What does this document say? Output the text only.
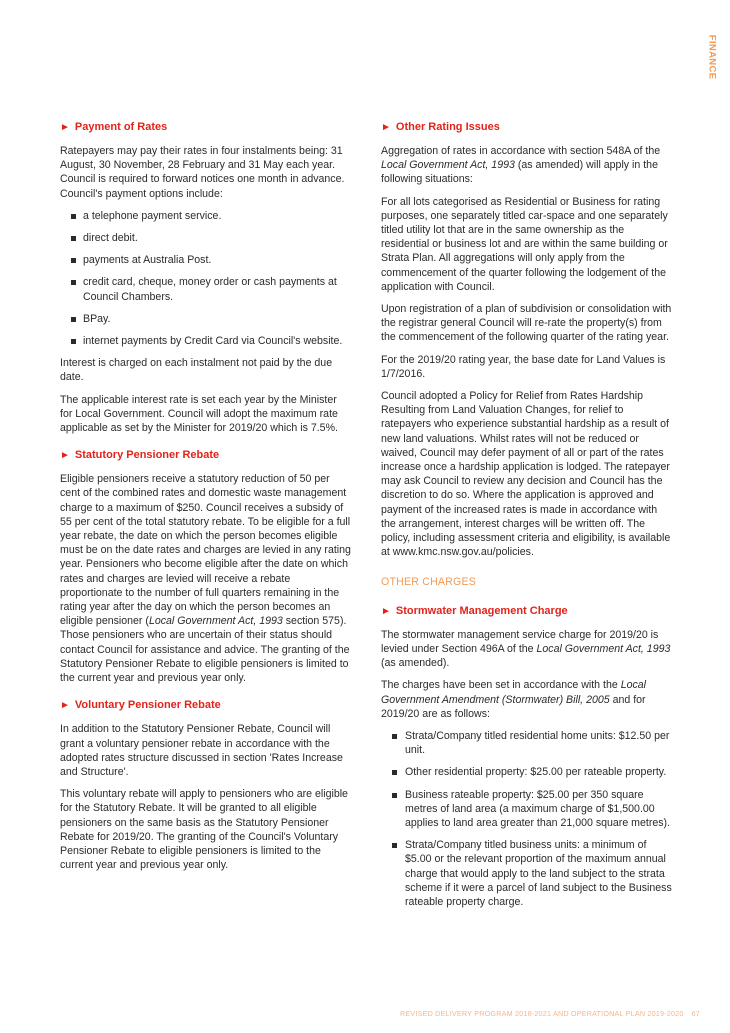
FINANCE
► Payment of Rates

Ratepayers may pay their rates in four instalments being: 31 August, 30 November, 28 February and 31 May each year. Council is required to forward notices one month in advance. Council's payment options include:

a telephone payment service.
direct debit.
payments at Australia Post.
credit card, cheque, money order or cash payments at Council Chambers.
BPay.
internet payments by Credit Card via Council's website.

Interest is charged on each instalment not paid by the due date.

The applicable interest rate is set each year by the Minister for Local Government. Council will adopt the maximum rate applicable as set by the Minister for 2019/20 which is 7.5%.

► Statutory Pensioner Rebate

Eligible pensioners receive a statutory reduction of 50 per cent of the combined rates and domestic waste management charge to a maximum of $250. Council receives a subsidy of 55 per cent of the total statutory rebate. To be eligible for a full year rebate, the date on which the person becomes eligible must be on the date rates and charges are levied in any rating year. Pensioners who become eligible after the date on which rates and charges are levied will receive a rebate proportionate to the number of full quarters remaining in the rating year after the day on which the person becomes an eligible pensioner (Local Government Act, 1993 section 575). Those pensioners who are uncertain of their status should contact Council for assistance and advice. The granting of the Statutory Pensioner Rebate to eligible pensioners is limited to the current year and previous year only.

► Voluntary Pensioner Rebate

In addition to the Statutory Pensioner Rebate, Council will grant a voluntary pensioner rebate in accordance with the adopted rates structure discussed in section 'Rates Increase and Structure'.

This voluntary rebate will apply to pensioners who are eligible for the Statutory Rebate. It will be granted to all eligible pensioners on the same basis as the Statutory Pensioner Rebate for 2019/20. The granting of the Council's Voluntary Pensioner Rebate to eligible pensioners is limited to the current year and previous year only.

► Other Rating Issues

Aggregation of rates in accordance with section 548A of the Local Government Act, 1993 (as amended) will apply in the following situations:

For all lots categorised as Residential or Business for rating purposes, one separately titled car-space and one separately titled utility lot that are in the same ownership as the residential or business lot and are within the same building or Strata Plan. All aggregations will only apply from the commencement of the quarter following the lodgement of the application with Council.

Upon registration of a plan of subdivision or consolidation with the registrar general Council will re-rate the property(s) from the commencement of the following quarter of the rating year.

For the 2019/20 rating year, the base date for Land Values is 1/7/2016.

Council adopted a Policy for Relief from Rates Hardship Resulting from Land Valuation Changes, for relief to ratepayers who experience substantial hardship as a result of new land valuations. Whilst rates will not be reduced or waived, Council may defer payment of all or part of the rates increase once a hardship application is lodged. The ratepayer may ask Council to review any decision and Council has the discretion to do so. Where the application is approved and payment of the increased rates is made in accordance with the arrangement, interest charges will be written off. The policy, including assessment criteria and eligibility, is available at www.kmc.nsw.gov.au/policies.

OTHER CHARGES
► Stormwater Management Charge

The stormwater management service charge for 2019/20 is levied under Section 496A of the Local Government Act, 1993 (as amended).

The charges have been set in accordance with the Local Government Amendment (Stormwater) Bill, 2005 and for 2019/20 are as follows:

Strata/Company titled residential home units: $12.50 per unit.
Other residential property: $25.00 per rateable property.
Business rateable property: $25.00 per 350 square metres of land area (a maximum charge of $1,500.00 applies to land area greater than 21,000 square metres).
Strata/Company titled business units: a minimum of $5.00 or the relevant proportion of the maximum annual charge that would apply to the land subject to the strata scheme if it were a parcel of land subject to the Business rateable property charge.
REVISED DELIVERY PROGRAM 2018-2021 AND OPERATIONAL PLAN 2019-2020 67
